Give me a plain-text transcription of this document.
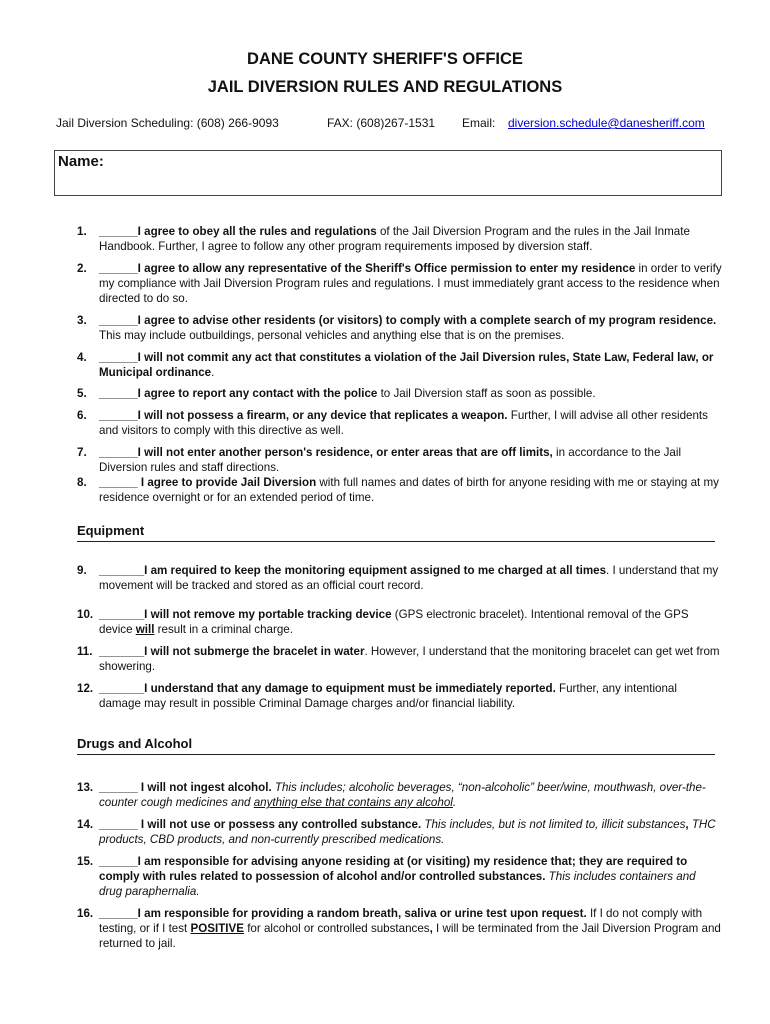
DANE COUNTY SHERIFF'S OFFICE
JAIL DIVERSION RULES AND REGULATIONS
Jail Diversion Scheduling: (608) 266-9093	FAX: (608)267-1531 Email: diversion.schedule@danesheriff.com
Name:
1. ______I agree to obey all the rules and regulations of the Jail Diversion Program and the rules in the Jail Inmate Handbook. Further, I agree to follow any other program requirements imposed by diversion staff.
2. ______I agree to allow any representative of the Sheriff's Office permission to enter my residence in order to verify my compliance with Jail Diversion Program rules and regulations. I must immediately grant access to the residence when directed to do so.
3. ______I agree to advise other residents (or visitors) to comply with a complete search of my program residence. This may include outbuildings, personal vehicles and anything else that is on the premises.
4. ______I will not commit any act that constitutes a violation of the Jail Diversion rules, State Law, Federal law, or Municipal ordinance.
5. ______I agree to report any contact with the police to Jail Diversion staff as soon as possible.
6. ______I will not possess a firearm, or any device that replicates a weapon. Further, I will advise all other residents and visitors to comply with this directive as well.
7. ______I will not enter another person's residence, or enter areas that are off limits, in accordance to the Jail Diversion rules and staff directions.
8. ______ I agree to provide Jail Diversion with full names and dates of birth for anyone residing with me or staying at my residence overnight or for an extended period of time.
Equipment
9. _______I am required to keep the monitoring equipment assigned to me charged at all times. I understand that my movement will be tracked and stored as an official court record.
10. _______I will not remove my portable tracking device (GPS electronic bracelet). Intentional removal of the GPS device will result in a criminal charge.
11. _______I will not submerge the bracelet in water. However, I understand that the monitoring bracelet can get wet from showering.
12. _______I understand that any damage to equipment must be immediately reported. Further, any intentional damage may result in possible Criminal Damage charges and/or financial liability.
Drugs and Alcohol
13. ______ I will not ingest alcohol. This includes; alcoholic beverages, “non-alcoholic” beer/wine, mouthwash, over-the-counter cough medicines and anything else that contains any alcohol.
14. ______ I will not use or possess any controlled substance. This includes, but is not limited to, illicit substances, THC products, CBD products, and non-currently prescribed medications.
15. ______I am responsible for advising anyone residing at (or visiting) my residence that; they are required to comply with rules related to possession of alcohol and/or controlled substances. This includes containers and drug paraphernalia.
16. ______I am responsible for providing a random breath, saliva or urine test upon request. If I do not comply with testing, or if I test POSITIVE for alcohol or controlled substances, I will be terminated from the Jail Diversion Program and returned to jail.
